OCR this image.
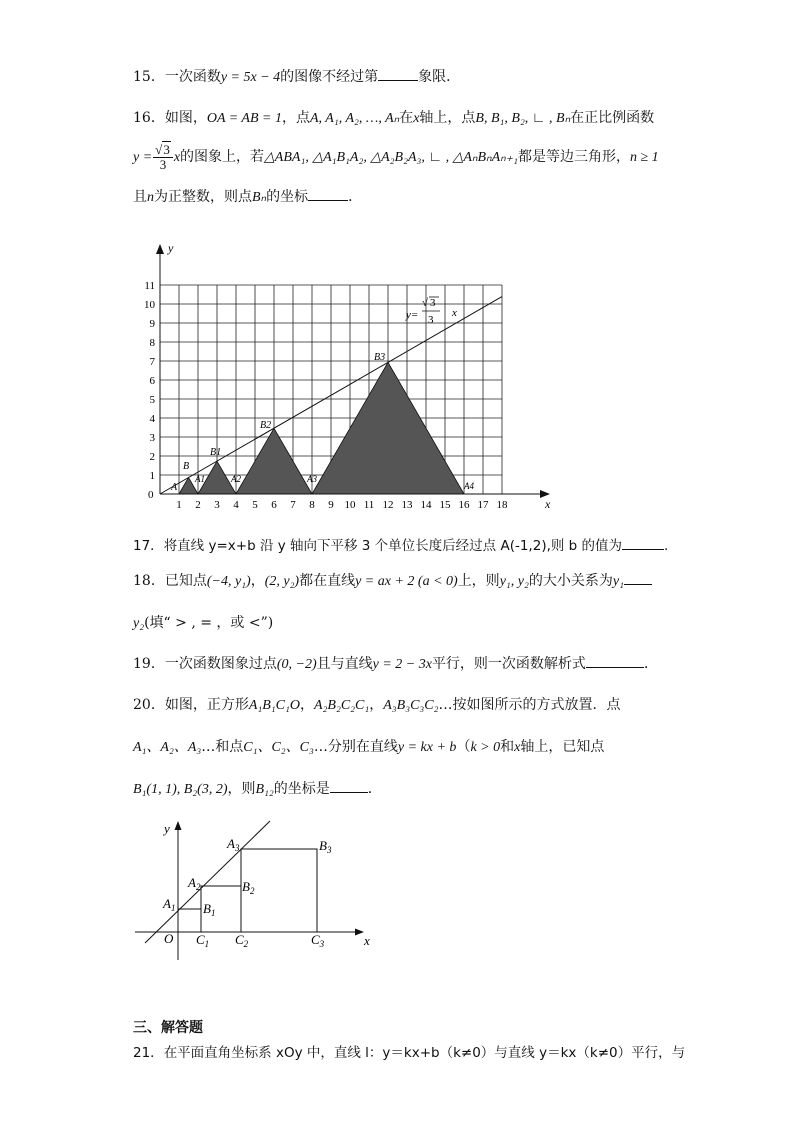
15．一次函数y = 5x − 4的图像不经过第	象限．
16．如图，OA = AB = 1，点A, A₁, A₂, …, Aₙ在x轴上，点B, B₁, B₂, ∟ , Bₙ在正比例函数
$y = \frac{√3}{3}$ x的图象上，若△ABA₁, △A₁B₁A₂, △A₂B₂A₃, ∟ , △AₙBₙAₙ₊₁都是等边三角形，n ≥ 1
且n为正整数，则点Bₙ的坐标	．
y
x
0
1 2 3 4 5 6 7 8 9 10 11 12 13 14 15 16 17 18
1
2
3
4
5
6
7
8
9
10
11
A
A1	A2	A3
A4
B
B1
B2
B3
y=
√ 3
3
x
17．将直线 y=x+b 沿 y 轴向下平移 3 个单位长度后经过点 A(-1,2),则 b 的值为	.
18．已知点(−4, y₁)，(2, y₂)都在直线y = ax + 2 (a < 0)上，则y₁, y₂的大小关系为y₁
y₂(填“ > , = ，或 <”)
19．一次函数图象过点(0, −2)且与直线y = 2 − 3x平行，则一次函数解析式	．
20．如图，正方形A₁B₁C₁O，A₂B₂C₂C₁，A₃B₃C₃C₂…按如图所示的方式放置．点
A₁、A₂、A₃…和点C₁、C₂、C₃…分别在直线y = kx + b（k > 0和x轴上，已知点
B₁(1, 1), B₂(3, 2)，则B₁₂的坐标是	．
y
x
O
$A_1$
$A_2$
$A_3$
$B_1$
$B_2$
$B_3$
$C_1$ $C_2$	$C_3$
三、解答题
21．在平面直角坐标系 xOy 中，直线 l：y＝kx+b（k≠0）与直线 y＝kx（k≠0）平行，与
